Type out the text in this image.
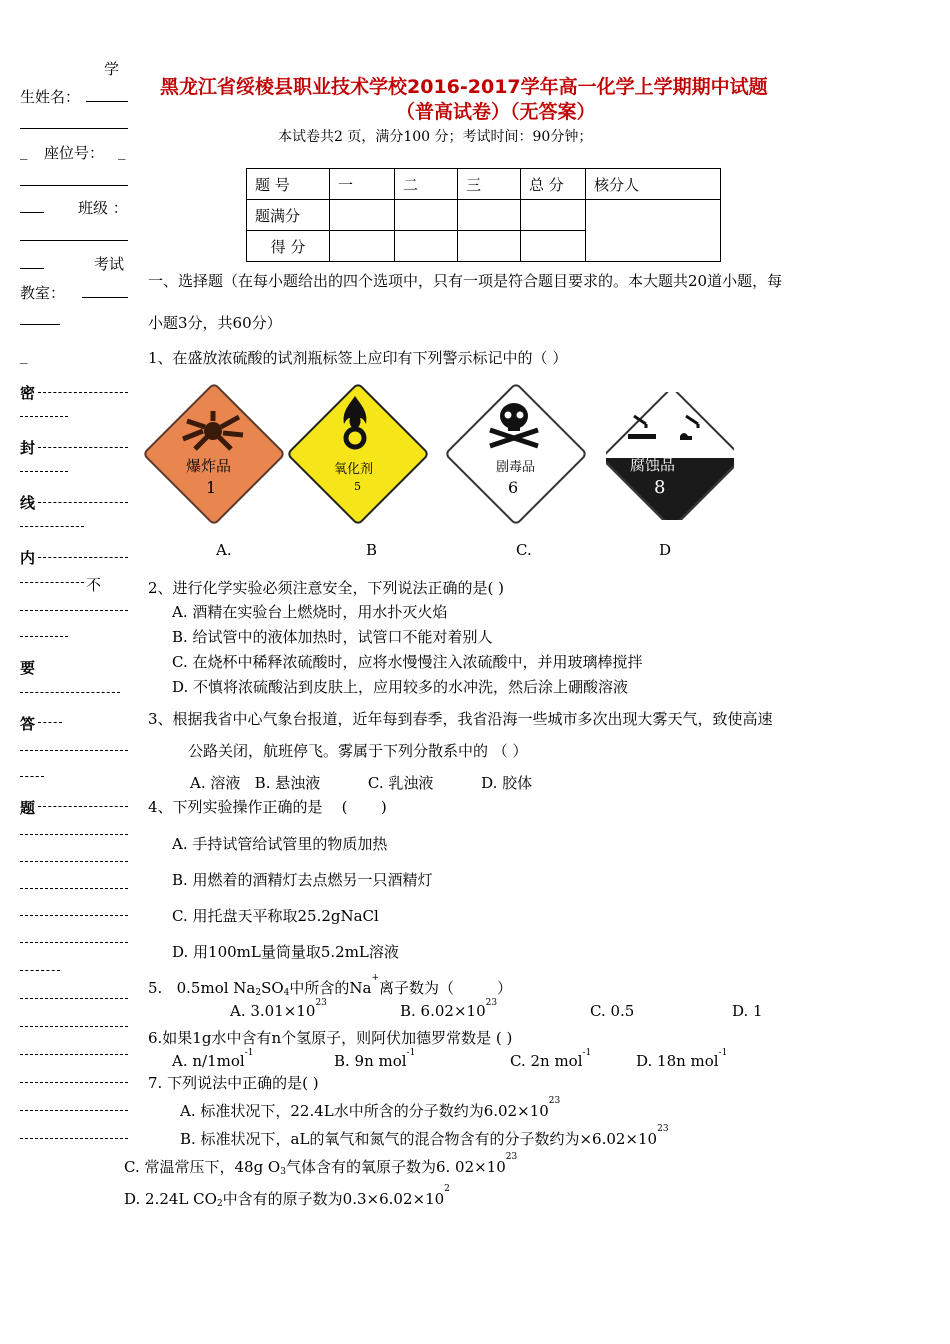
学
生姓名：
_ 座位号： _
班级 ：
考试
教室：
_
密
封
线
内
不
要
答
题
黑龙江省绥棱县职业技术学校2016-2017学年高一化学上学期期中试题
（普高试卷）（无答案）
本试卷共2 页，满分100 分；考试时间：90分钟；
题 号	一	二	三	总 分	核分人
题满分					
得 分					
一、选择题（在每小题给出的四个选项中，只有一项是符合题目要求的。本大题共20道小题，每
小题3分，共60分）
1、在盛放浓硫酸的试剂瓶标签上应印有下列警示标记中的（ ）
爆炸品
1
氧化剂
5
剧毒品
6
腐蚀品
8
A.	B	C.	D
2、进行化学实验必须注意安全，下列说法正确的是( )
A. 酒精在实验台上燃烧时，用水扑灭火焰
B. 给试管中的液体加热时，试管口不能对着别人
C. 在烧杯中稀释浓硫酸时，应将水慢慢注入浓硫酸中，并用玻璃棒搅拌
D. 不慎将浓硫酸沾到皮肤上，应用较多的水冲洗，然后涂上硼酸溶液
3、根据我省中心气象台报道，近年每到春季，我省沿海一些城市多次出现大雾天气，致使高速
公路关闭，航班停飞。雾属于下列分散系中的 （ ）
A. 溶液   B. 悬浊液          C. 乳浊液          D. 胶体
4、下列实验操作正确的是    (       )
A. 手持试管给试管里的物质加热
B. 用燃着的酒精灯去点燃另一只酒精灯
C. 用托盘天平称取25.2gNaCl
D. 用100mL量筒量取5.2mL溶液
5.   0.5mol Na2SO4中所含的Na+离子数为（         ）
A. $3.01\times 10^{23}$	B. $6.02\times 10^{23}$	C. 0.5	D. 1
6.如果1g水中含有n个氢原子，则阿伏加德罗常数是 ( )
A. n/1mol$^{-1}$	B. 9n mol$^{-1}$	C. 2n mol$^{-1}$	D. 18n mol$^{-1}$
7. 下列说法中正确的是( )
A. 标准状况下，22.4L水中所含的分子数约为$6.02\times 10^{23}$
B. 标准状况下，aL的氧气和氮气的混合物含有的分子数约为$\times 6.02\times 10^{23}$
C. 常温常压下，48g O3气体含有的氧原子数为6. $02\times 10^{23}$
D. 2.24L CO2中含有的原子数为$0.3\times 6.02\times 10^2$
